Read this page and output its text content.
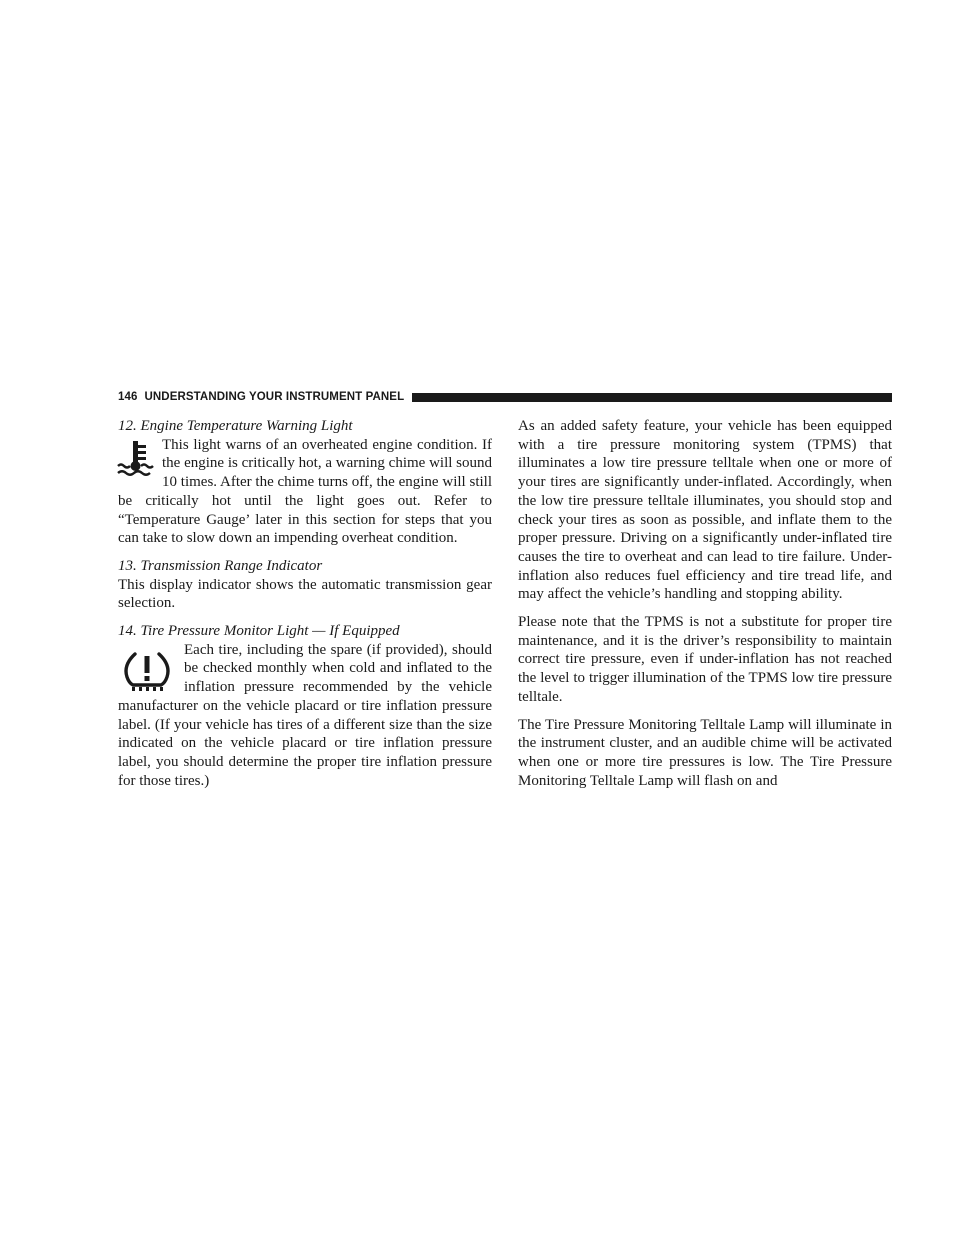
146 UNDERSTANDING YOUR INSTRUMENT PANEL
12. Engine Temperature Warning Light

This light warns of an overheated engine condition. If the engine is critically hot, a warning chime will sound 10 times. After the chime turns off, the engine will still be critically hot until the light goes out. Refer to “Temperature Gauge’ later in this section for steps that you can take to slow down an impending overheat condition.

13. Transmission Range Indicator

This display indicator shows the automatic transmission gear selection.

14. Tire Pressure Monitor Light — If Equipped

Each tire, including the spare (if provided), should be checked monthly when cold and inflated to the inflation pressure recommended by the vehicle manufacturer on the vehicle placard or tire inflation pressure label. (If your vehicle has tires of a different size than the size indicated on the vehicle placard or tire inflation pressure label, you should determine the proper tire inflation pressure for those tires.)

As an added safety feature, your vehicle has been equipped with a tire pressure monitoring system (TPMS) that illuminates a low tire pressure telltale when one or more of your tires are significantly under-inflated. Accordingly, when the low tire pressure telltale illuminates, you should stop and check your tires as soon as possible, and inflate them to the proper pressure. Driving on a significantly under-inflated tire causes the tire to overheat and can lead to tire failure. Under-inflation also reduces fuel efficiency and tire tread life, and may affect the vehicle’s handling and stopping ability.

Please note that the TPMS is not a substitute for proper tire maintenance, and it is the driver’s responsibility to maintain correct tire pressure, even if under-inflation has not reached the level to trigger illumination of the TPMS low tire pressure telltale.

The Tire Pressure Monitoring Telltale Lamp will illuminate in the instrument cluster, and an audible chime will be activated when one or more tire pressures is low. The Tire Pressure Monitoring Telltale Lamp will flash on and
